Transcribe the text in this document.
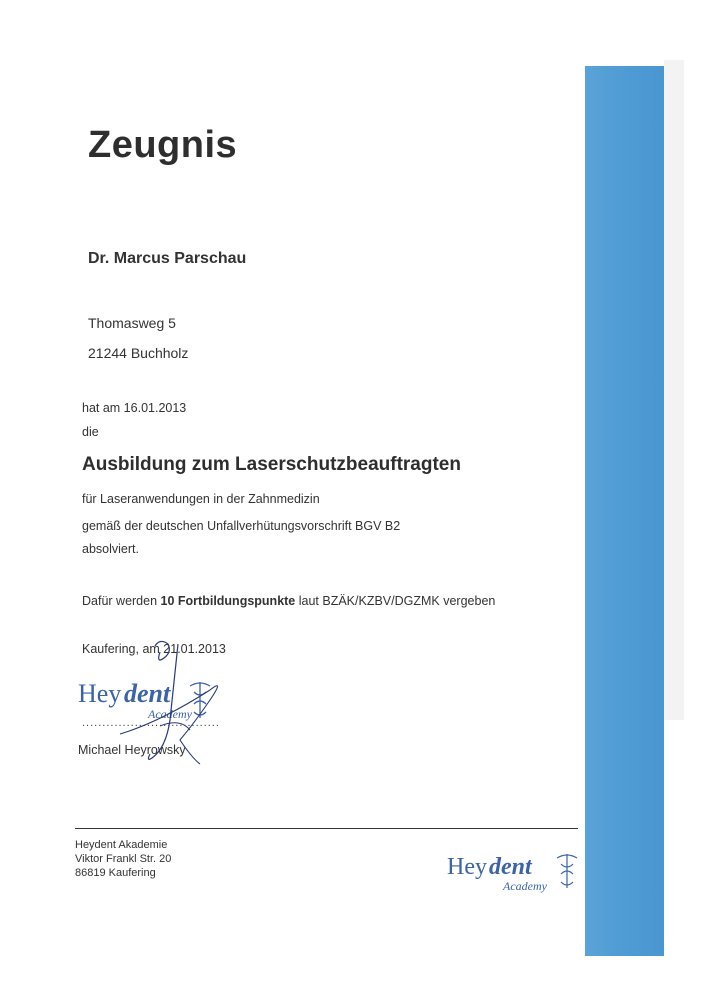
Zeugnis
Dr. Marcus Parschau
Thomasweg 5
21244 Buchholz
hat am 16.01.2013
die
Ausbildung zum Laserschutzbeauftragten
für Laseranwendungen in der Zahnmedizin
gemäß der deutschen Unfallverhütungsvorschrift BGV B2
absolviert.
Dafür werden 10 Fortbildungspunkte laut BZÄK/KZBV/DGZMK vergeben
Kaufering, am 21.01.2013
Hey dent
Academy
..................................
Michael Heyrowsky
Heydent Akademie
Viktor Frankl Str. 20
86819 Kaufering	Hey dent
Academy
